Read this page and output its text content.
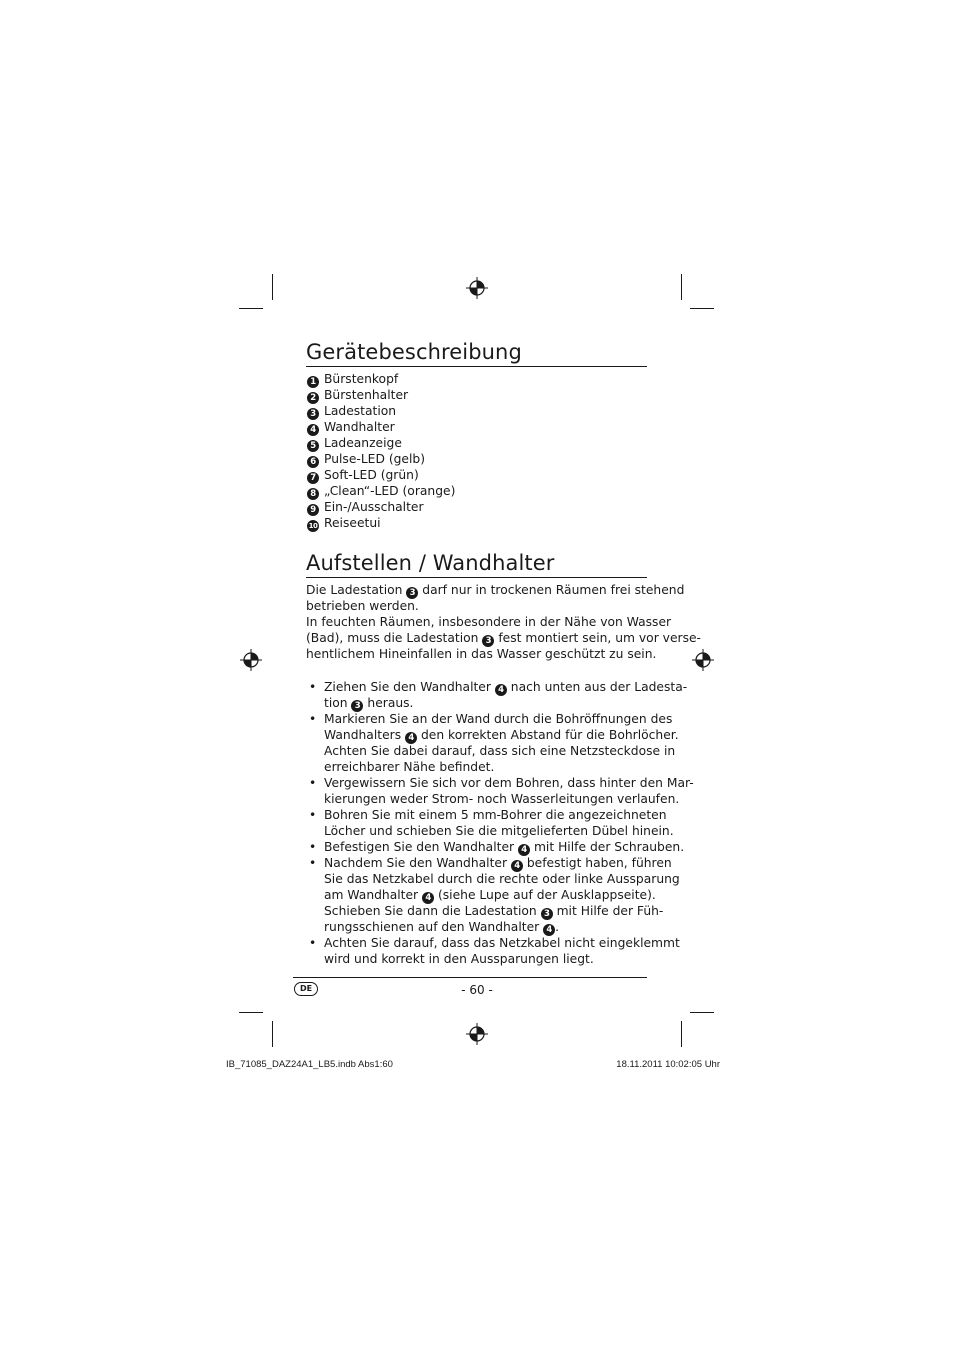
Gerätebeschreibung
1 Bürstenkopf
2 Bürstenhalter
3 Ladestation
4 Wandhalter
5 Ladeanzeige
6 Pulse-LED (gelb)
7 Soft-LED (grün)
8 „Clean“-LED (orange)
9 Ein-/Ausschalter
10 Reiseetui
Aufstellen / Wandhalter
Die Ladestation 3 darf nur in trockenen Räumen frei stehend
betrieben werden.
In feuchten Räumen, insbesondere in der Nähe von Wasser
(Bad), muss die Ladestation 3 fest montiert sein, um vor verse-
hentlichem Hineinfallen in das Wasser geschützt zu sein.
• Ziehen Sie den Wandhalter 4 nach unten aus der Ladesta-
tion 3 heraus.
• Markieren Sie an der Wand durch die Bohröffnungen des
Wandhalters 4 den korrekten Abstand für die Bohrlöcher.
Achten Sie dabei darauf, dass sich eine Netzsteckdose in
erreichbarer Nähe befindet.
• Vergewissern Sie sich vor dem Bohren, dass hinter den Mar-
kierungen weder Strom- noch Wasserleitungen verlaufen.
• Bohren Sie mit einem 5 mm-Bohrer die angezeichneten
Löcher und schieben Sie die mitgelieferten Dübel hinein.
• Befestigen Sie den Wandhalter 4 mit Hilfe der Schrauben.
• Nachdem Sie den Wandhalter 4 befestigt haben, führen
Sie das Netzkabel durch die rechte oder linke Aussparung
am Wandhalter 4 (siehe Lupe auf der Ausklappseite).
Schieben Sie dann die Ladestation 3 mit Hilfe der Füh-
rungsschienen auf den Wandhalter 4 .
• Achten Sie darauf, dass das Netzkabel nicht eingeklemmt
wird und korrekt in den Aussparungen liegt.
DE	- 60 -
IB_71085_DAZ24A1_LB5.indb Abs1:60	18.11.2011 10:02:05 Uhr
